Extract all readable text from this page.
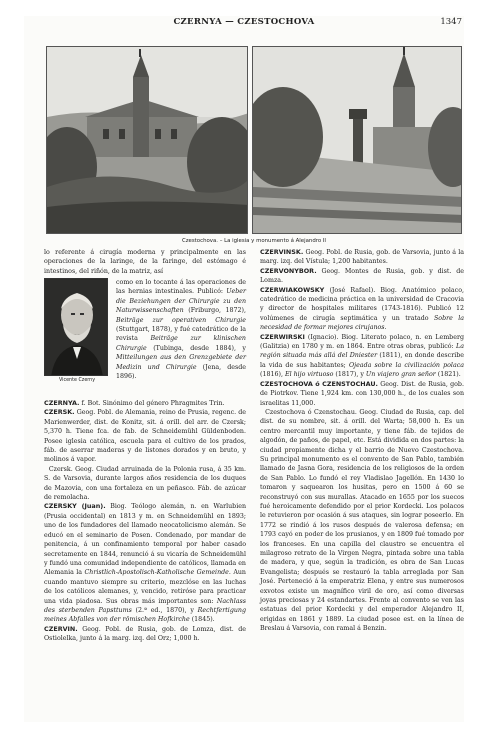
CZERNYA — CZESTOCHOVA	1347
Czestochova. – La iglesia y monumento á Alejandro II

lo referente á cirugía moderna y principalmente en las operaciones de la laringe, de la faringe, del estómago é intestinos, del riñón, de la matriz, así

Vicente Czerny
como en lo tocante á las operaciones de las hernias intestinales. Publicó: Ueber die Beziehungen der Chirurgie zu den Naturwissenschaften (Friburgo, 1872), Beiträge zur operativen Chirurgie (Stuttgart, 1878), y fué catedrático de la revista Beiträge zur klinischen Chirurgie (Tubinga, desde 1884), y Mitteilungen aus den Grenzgebiete der Medizin und Chirurgie (Jena, desde 1896).

CZERNYA. f. Bot. Sinónimo del género Phragmites Trin.

CZERSK. Geog. Pobl. de Alemania, reino de Prusia, regenc. de Marienwerder, dist. de Konitz, sit. á orill. del arr. de Czersk; 5,370 h. Tiene fca. de fab. de Schneidemühl Güldenboden. Posee iglesia católica, escuela para el cultivo de los prados, fáb. de aserrar maderas y de listones dorados y en bruto, y molinos á vapor.

Czersk. Geog. Ciudad arruinada de la Polonia rusa, á 35 km. S. de Varsovia, durante largos años residencia de los duques de Mazovia, con una fortaleza en un peñasco. Fáb. de azúcar de remolacha.

CZERSKY (Juan). Biog. Teólogo alemán, n. en Warlubien (Prusia occidental) en 1813 y m. en Schneidemühl en 1893; uno de los fundadores del llamado neocatolicismo alemán. Se educó en el seminario de Posen. Condenado, por mandar de penitencia, á un confinamiento temporal por haber casado secretamente en 1844, renunció á su vicaría de Schneidemühl y fundó una comunidad independiente de católicos, llamada en Alemania la Christlich-Apostolisch-Katholische Gemeinde. Aun cuando mantuvo siempre su criterio, mezclóse en las luchas de los católicos alemanes, y, vencido, retiróse para practicar una vida piadosa. Sus obras más importantes son: Nachlass des sterbenden Papsttums (2.ª ed., 1870), y Rechtfertigung meines Abfalles von der römischen Hofkirche (1845).

CZERVIN. Geog. Pobl. de Rusia, gob. de Lomza, dist. de Ostiolelka, junto á la marg. izq. del Orz; 1,000 h.

CZERVINSK. Geog. Pobl. de Rusia, gob. de Varsovia, junto á la marg. izq. del Vístula; 1,200 habitantes.

CZERVONYBOR. Geog. Montes de Rusia, gob. y dist. de Lomza.

CZERWIAKOWSKY (José Rafael). Biog. Anatómico polaco, catedrático de medicina práctica en la universidad de Cracovia y director de hospitales militares (1743-1816). Publicó 12 volúmenes de cirugía septimática y un tratado Sobre la necesidad de formar mejores cirujanos.

CZERWIRSKI (Ignacio). Biog. Literato polaco, n. en Lemberg (Galitzia) en 1780 y m. en 1864. Entre otras obras, publicó: La región situada más allá del Dniester (1811), en donde describe la vida de sus habitantes; Ojeada sobre la civilización polaca (1816), El hijo virtuoso (1817), y Un viajero gran señor (1821).

CZESTOCHOVA ó CZENSTOCHAU. Geog. Dist. de Rusia, gob. de Piotrkov. Tiene 1,924 km. con 130,000 h., de los cuales son israelitas 11,000.

Czestochova ó Czenstochau. Geog. Ciudad de Rusia, cap. del dist. de su nombre, sit. á orill. del Warta; 58,000 h. Es un centro mercantil muy importante, y tiene fáb. de tejidos de algodón, de paños, de papel, etc. Está dividida en dos partes: la ciudad propiamente dicha y el barrio de Nuevo Czestochova. Su principal monumento es el convento de San Pablo, también llamado de Jasna Gora, residencia de los religiosos de la orden de San Pablo. Lo fundó el rey Vladislao Jagellón. En 1430 lo tomaron y saquearon los husitas, pero en 1500 á 60 se reconstruyó con sus murallas. Atacado en 1655 por los suecos fué heroicamente defendido por el prior Kordecki. Los polacos le retuvieron por ocasión á sus ataques, sin lograr poseerlo. En 1772 se rindió á los rusos después de valerosa defensa; en 1793 cayó en poder de los prusianos, y en 1809 fué tomado por los franceses. En una capilla del claustro se encuentra el milagroso retrato de la Virgen Negra, pintada sobre una tabla de madera, y que, según la tradición, es obra de San Lucas Evangelista; después se restauró la tabla arreglada por San José. Perteneció á la emperatriz Elena, y entre sus numerosos exvotos existe un magnífico viril de oro, así como diversas joyas preciosas y 24 estandartes. Frente al convento se ven las estatuas del prior Kordecki y del emperador Alejandro II, erigidas en 1861 y 1889. La ciudad posee est. en la línea de Breslau á Varsovia, con ramal á Benzin.
